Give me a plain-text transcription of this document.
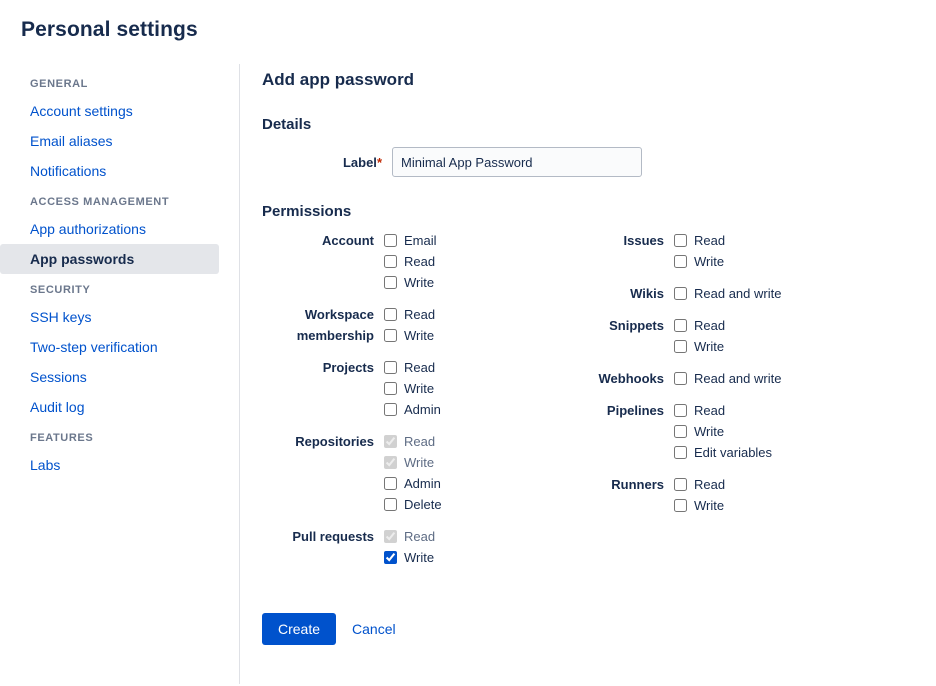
Personal settings
GENERAL
Account settings
Email aliases
Notifications
ACCESS MANAGEMENT
App authorizations
App passwords
SECURITY
SSH keys
Two-step verification
Sessions
Audit log
FEATURES
Labs
Add app password
Details
Label*
Minimal App Password
Permissions
Account Email
Read
Write
Workspace
membership
Read
Write
Projects Read
Write
Admin
Repositories Read
Write
Admin
Delete
Pull requests Read
Write
Issues Read
Write
Wikis Read and write
Snippets Read
Write
Webhooks Read and write
Pipelines Read
Write
Edit variables
Runners Read
Write
Create	Cancel
